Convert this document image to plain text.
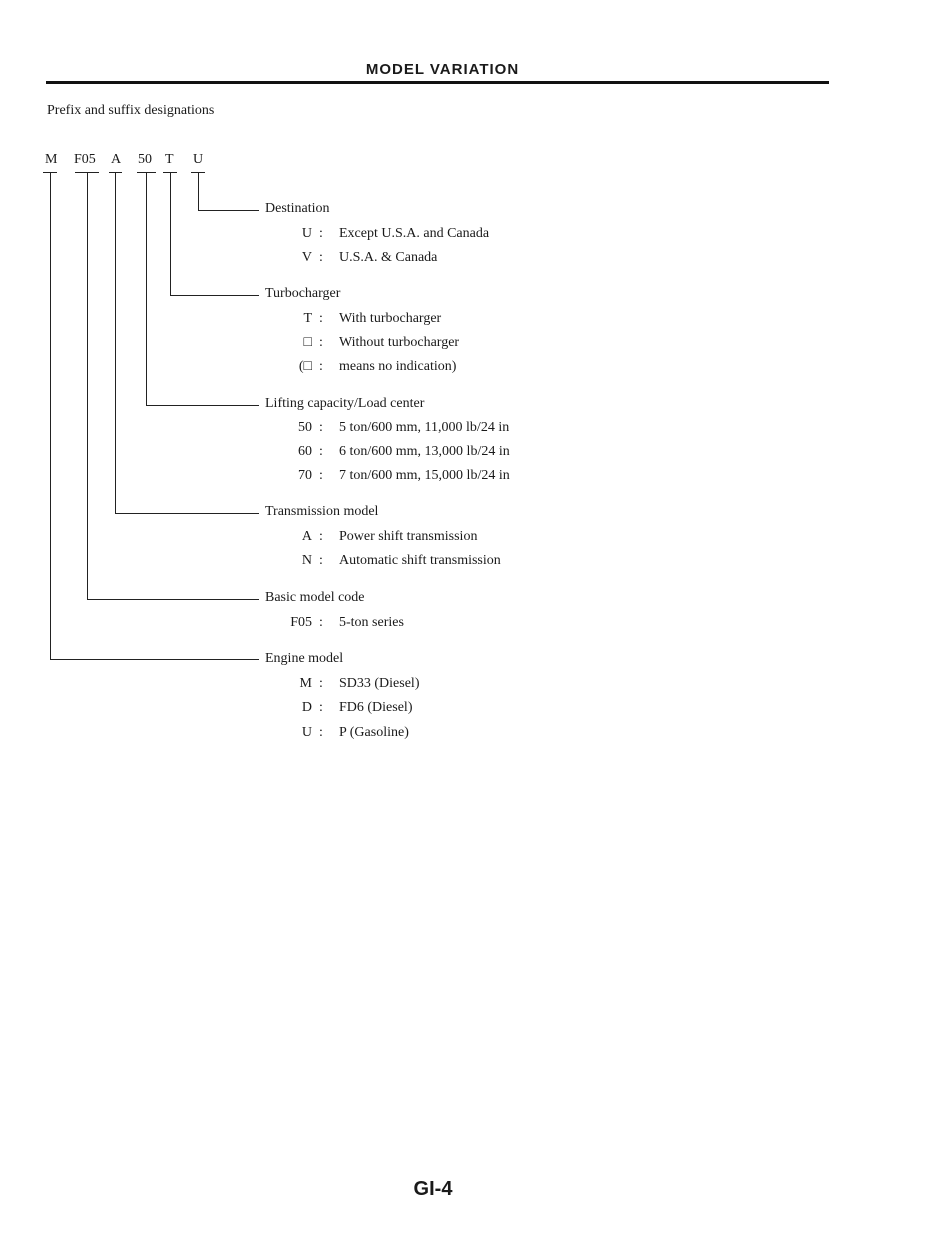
MODEL VARIATION
Prefix and suffix designations
M F05 A 50 T U
Destination
U : Except U.S.A. and Canada
V : U.S.A. & Canada
Turbocharger
T : With turbocharger
□ : Without turbocharger
(□ : means no indication)
Lifting capacity/Load center
50 : 5 ton/600 mm, 11,000 lb/24 in
60 : 6 ton/600 mm, 13,000 lb/24 in
70 : 7 ton/600 mm, 15,000 lb/24 in
Transmission model
A : Power shift transmission
N : Automatic shift transmission
Basic model code
F05 : 5-ton series
Engine model
M : SD33 (Diesel)
D : FD6 (Diesel)
U : P (Gasoline)
GI-4
